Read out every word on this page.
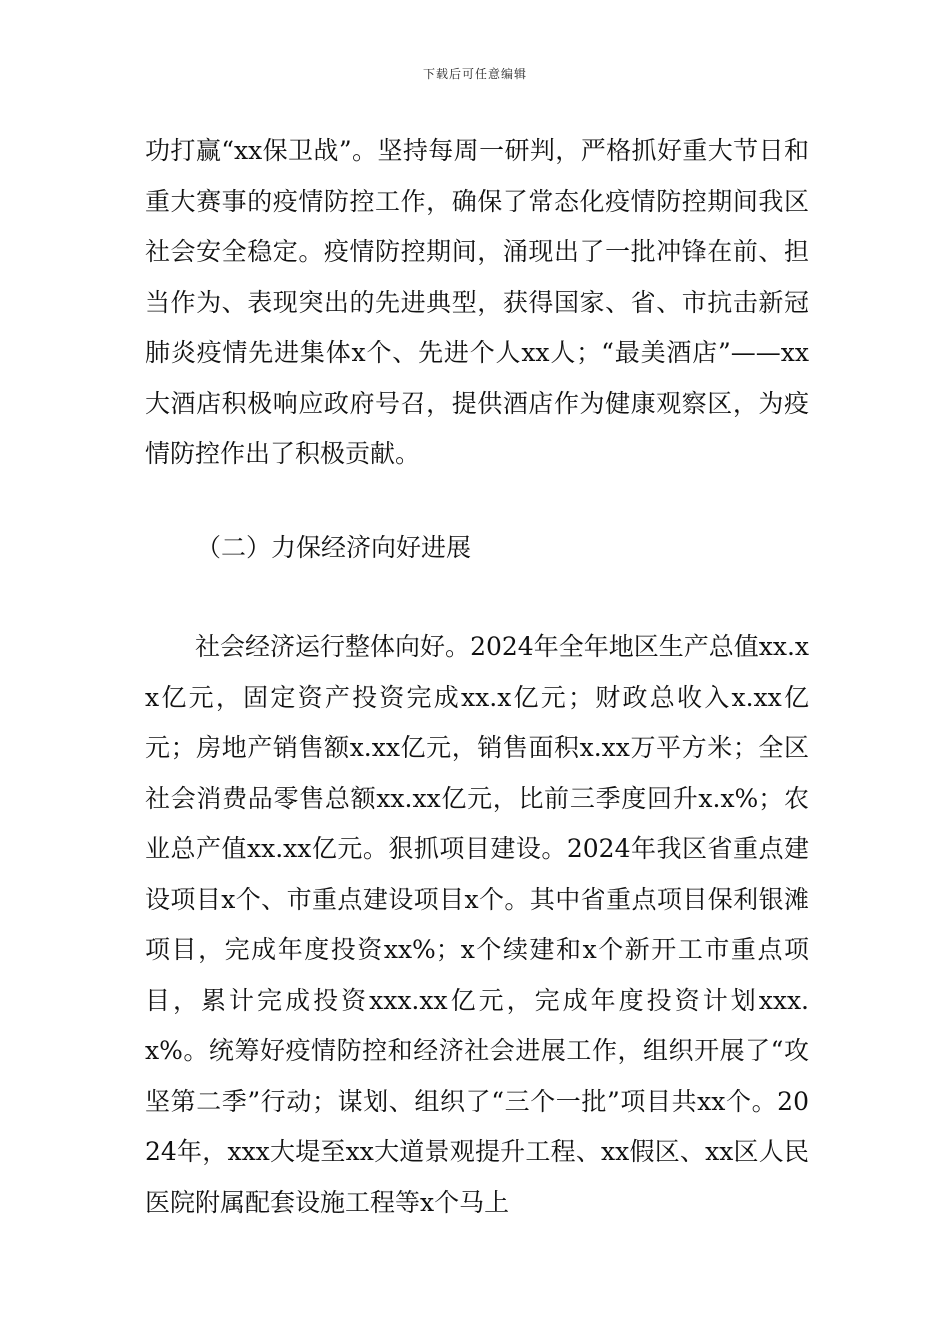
下载后可任意编辑

功打赢“xx保卫战”。坚持每周一研判，严格抓好重大节日和重大赛事的疫情防控工作，确保了常态化疫情防控期间我区社会安全稳定。疫情防控期间，涌现出了一批冲锋在前、担当作为、表现突出的先进典型，获得国家、省、市抗击新冠肺炎疫情先进集体x个、先进个人xx人；“最美酒店”——xx大酒店积极响应政府号召，提供酒店作为健康观察区，为疫情防控作出了积极贡献。

（二）力保经济向好进展

社会经济运行整体向好。2024年全年地区生产总值xx.xx亿元，固定资产投资完成xx.x亿元；财政总收入x.xx亿元；房地产销售额x.xx亿元，销售面积x.xx万平方米；全区社会消费品零售总额xx.xx亿元，比前三季度回升x.x%；农业总产值xx.xx亿元。狠抓项目建设。2024年我区省重点建设项目x个、市重点建设项目x个。其中省重点项目保利银滩项目，完成年度投资xx%；x个续建和x个新开工市重点项目，累计完成投资xxx.xx亿元，完成年度投资计划xxx.x%。统筹好疫情防控和经济社会进展工作，组织开展了“攻坚第二季”行动；谋划、组织了“三个一批”项目共xx个。2024年，xxx大堤至xx大道景观提升工程、xx假区、xx区人民医院附属配套设施工程等x个马上
